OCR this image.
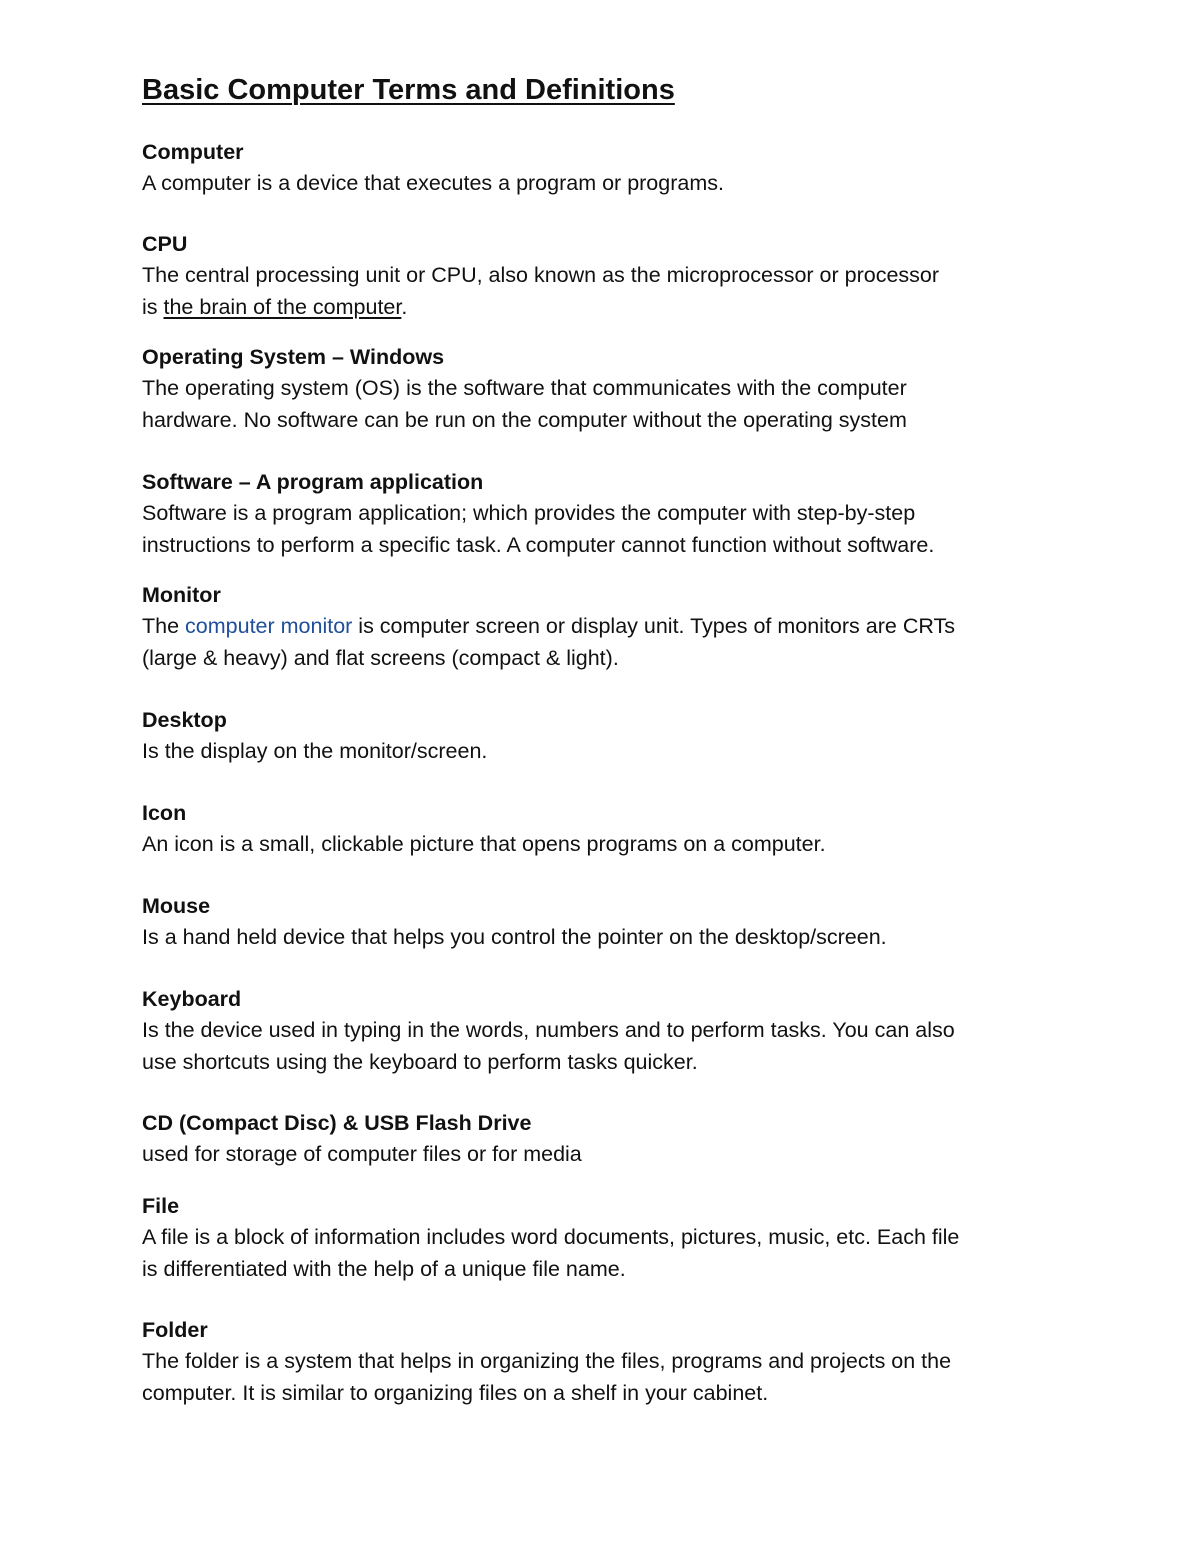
Basic Computer Terms and Definitions
Computer

A computer is a device that executes a program or programs.

CPU

The central processing unit or CPU, also known as the microprocessor or processor
is the brain of the computer.

Operating System – Windows

The operating system (OS) is the software that communicates with the computer
hardware. No software can be run on the computer without the operating system

Software – A program application

Software is a program application; which provides the computer with step-by-step
instructions to perform a specific task. A computer cannot function without software.

Monitor

The computer monitor is computer screen or display unit. Types of monitors are CRTs
(large & heavy) and flat screens (compact & light).

Desktop

Is the display on the monitor/screen.

Icon

An icon is a small, clickable picture that opens programs on a computer.

Mouse

Is a hand held device that helps you control the pointer on the desktop/screen.

Keyboard

Is the device used in typing in the words, numbers and to perform tasks. You can also
use shortcuts using the keyboard to perform tasks quicker.

CD (Compact Disc) & USB Flash Drive

used for storage of computer files or for media

File

A file is a block of information includes word documents, pictures, music, etc. Each file
is differentiated with the help of a unique file name.

Folder

The folder is a system that helps in organizing the files, programs and projects on the
computer. It is similar to organizing files on a shelf in your cabinet.
